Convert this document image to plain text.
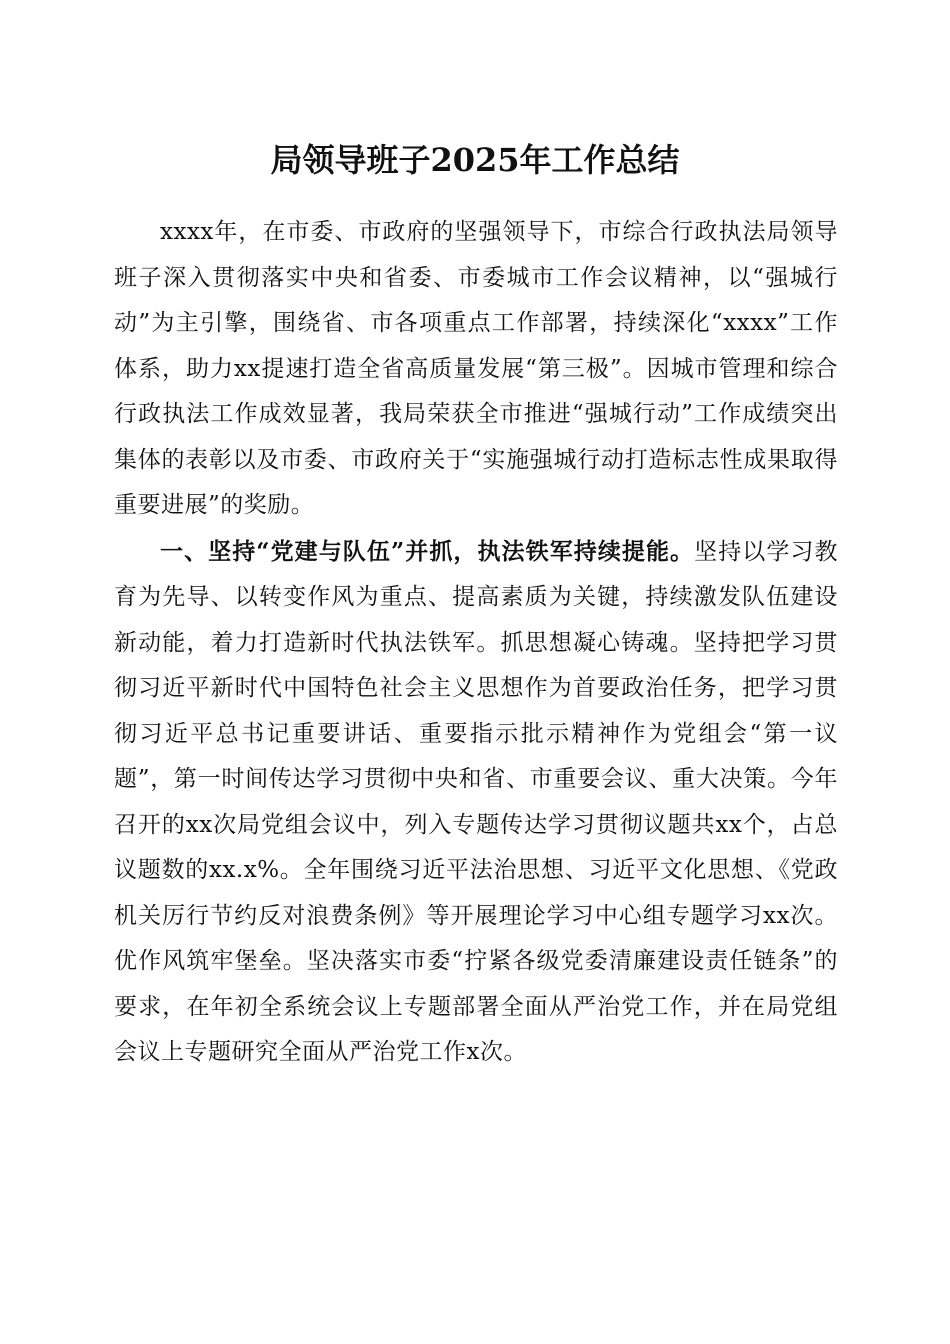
局领导班子2025年工作总结

xxxx年，在市委、市政府的坚强领导下，市综合行政执法局领导班子深入贯彻落实中央和省委、市委城市工作会议精神，以“强城行动”为主引擎，围绕省、市各项重点工作部署，持续深化“xxxx”工作体系，助力xx提速打造全省高质量发展“第三极”。因城市管理和综合行政执法工作成效显著，我局荣获全市推进“强城行动”工作成绩突出集体的表彰以及市委、市政府关于“实施强城行动打造标志性成果取得重要进展”的奖励。

一、坚持“党建与队伍”并抓，执法铁军持续提能。坚持以学习教育为先导、以转变作风为重点、提高素质为关键，持续激发队伍建设新动能，着力打造新时代执法铁军。抓思想凝心铸魂。坚持把学习贯彻习近平新时代中国特色社会主义思想作为首要政治任务，把学习贯彻习近平总书记重要讲话、重要指示批示精神作为党组会“第一议题”，第一时间传达学习贯彻中央和省、市重要会议、重大决策。今年召开的xx次局党组会议中，列入专题传达学习贯彻议题共xx个，占总议题数的xx.x%。全年围绕习近平法治思想、习近平文化思想、《党政机关厉行节约反对浪费条例》等开展理论学习中心组专题学习xx次。优作风筑牢堡垒。坚决落实市委“拧紧各级党委清廉建设责任链条”的要求，在年初全系统会议上专题部署全面从严治党工作，并在局党组会议上专题研究全面从严治党工作x次。
